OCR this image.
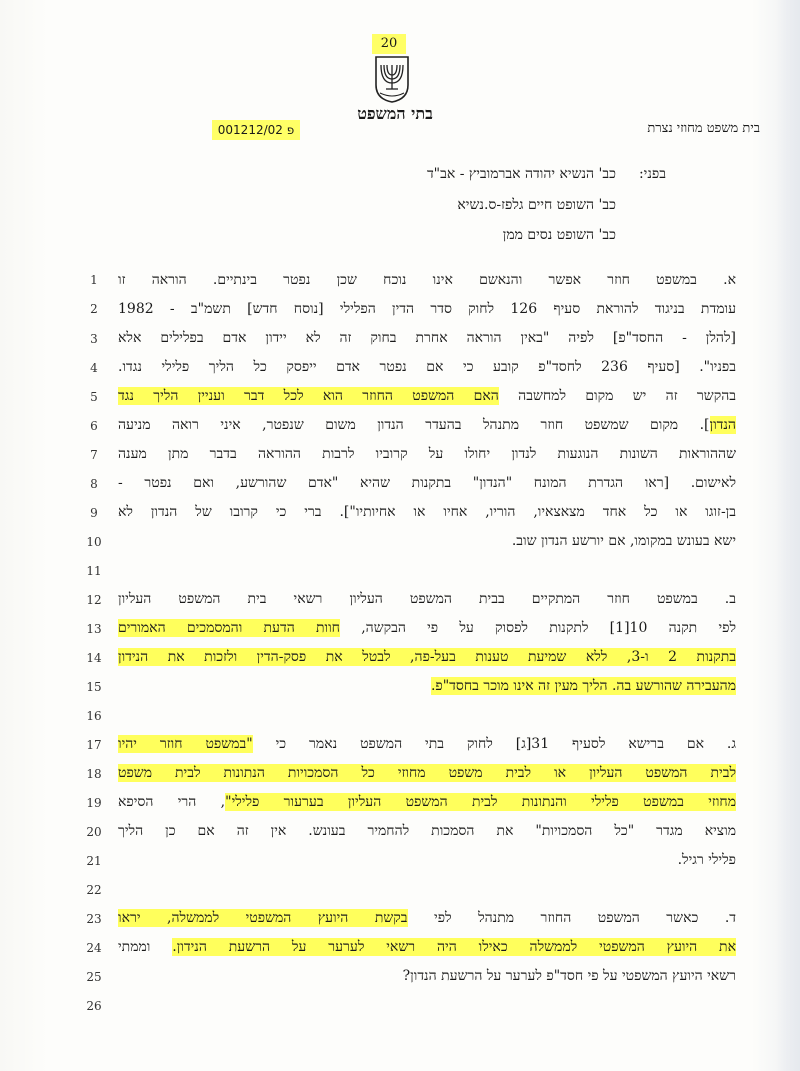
20
בתי המשפט
פ 001212/02	בית משפט מחוזי נצרת
בפני:
כב' הנשיא יהודה אברמוביץ - אב"ד
כב' השופט חיים גלפז-ס.נשיא
כב' השופט נסים ממן
1
2
3
4
5
6
7
8
9
10
11
12
13
14
15
16
17
18
19
20
21
22
23
24
25
26
א. במשפט חוזר אפשר והנאשם אינו נוכח שכן נפטר בינתיים. הוראה זו
עומדת בניגוד להוראת סעיף 126 לחוק סדר הדין הפלילי [נוסח חדש] תשמ"ב - 1982
[להלן - החסד"פ] לפיה "באין הוראה אחרת בחוק זה לא יידון אדם בפלילים אלא
בפניו". [סעיף 236 לחסד"פ קובע כי אם נפטר אדם ייפסק כל הליך פלילי נגדו.
בהקשר זה יש מקום למחשבה האם המשפט החוזר הוא לכל דבר ועניין הליך נגד
הנדון]. מקום שמשפט חוזר מתנהל בהעדר הנדון משום שנפטר, איני רואה מניעה
שההוראות השונות הנוגעות לנדון יחולו על קרוביו לרבות ההוראה בדבר מתן מענה
לאישום. [ראו הגדרת המונח "הנדון" בתקנות שהיא "אדם שהורשע, ואם נפטר -
בן-זוגו או כל אחד מצאצאיו, הוריו, אחיו או אחיותיו"]. ברי כי קרובו של הנדון לא
ישא בעונש במקומו, אם יורשע הנדון שוב.
ב. במשפט חוזר המתקיים בבית המשפט העליון רשאי בית המשפט העליון
לפי תקנה 10[1] לתקנות לפסוק על פי הבקשה, חוות הדעת והמסמכים האמורים
בתקנות 2 ו-3, ללא שמיעת טענות בעל-פה, לבטל את פסק-הדין ולזכות את הנידון
מהעבירה שהורשע בה. הליך מעין זה אינו מוכר בחסד"פ.
ג. אם ברישא לסעיף 31[ג] לחוק בתי המשפט נאמר כי "במשפט חוזר יהיו
לבית המשפט העליון או לבית משפט מחוזי כל הסמכויות הנתונות לבית משפט
מחוזי במשפט פלילי והנתונות לבית המשפט העליון בערעור פלילי", הרי הסיפא
מוציא מגדר "כל הסמכויות" את הסמכות להחמיר בעונש. אין זה אם כן הליך
פלילי רגיל.
ד. כאשר המשפט החוזר מתנהל לפי בקשת היועץ המשפטי לממשלה, יראו
את היועץ המשפטי לממשלה כאילו היה רשאי לערער על הרשעת הנידון. וממתי
רשאי היועץ המשפטי על פי חסד"פ לערער על הרשעת הנדון?
